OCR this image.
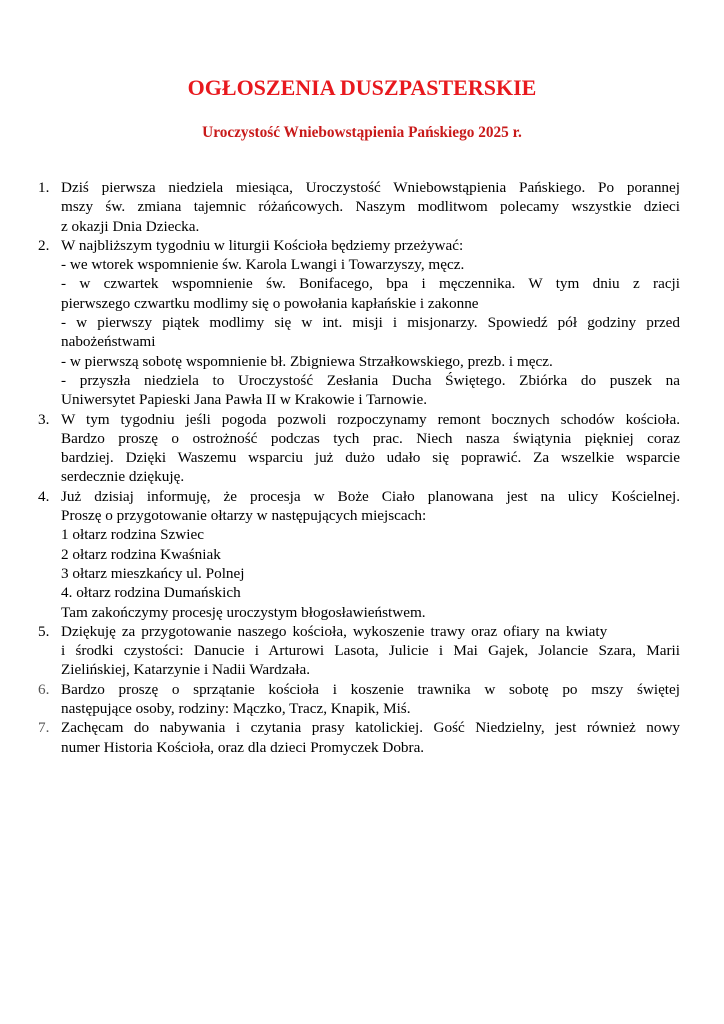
OGŁOSZENIA DUSZPASTERSKIE
Uroczystość Wniebowstąpienia Pańskiego 2025 r.
1. Dziś pierwsza niedziela miesiąca, Uroczystość Wniebowstąpienia Pańskiego. Po porannej
mszy św. zmiana tajemnic różańcowych. Naszym modlitwom polecamy wszystkie dzieci
z okazji Dnia Dziecka.
2. W najbliższym tygodniu w liturgii Kościoła będziemy przeżywać:
- we wtorek wspomnienie św. Karola Lwangi i Towarzyszy, męcz.
- w czwartek wspomnienie św. Bonifacego, bpa i męczennika. W tym dniu z racji
pierwszego czwartku modlimy się o powołania kapłańskie i zakonne
- w pierwszy piątek modlimy się w int. misji i misjonarzy. Spowiedź pół godziny przed
nabożeństwami
- w pierwszą sobotę wspomnienie bł. Zbigniewa Strzałkowskiego, prezb. i męcz.
- przyszła niedziela to Uroczystość Zesłania Ducha Świętego. Zbiórka do puszek na
Uniwersytet Papieski Jana Pawła II w Krakowie i Tarnowie.
3. W tym tygodniu jeśli pogoda pozwoli rozpoczynamy remont bocznych schodów kościoła.
Bardzo proszę o ostrożność podczas tych prac. Niech nasza świątynia piękniej coraz
bardziej. Dzięki Waszemu wsparciu już dużo udało się poprawić. Za wszelkie wsparcie
serdecznie dziękuję.
4. Już dzisiaj informuję, że procesja w Boże Ciało planowana jest na ulicy Kościelnej.
Proszę o przygotowanie ołtarzy w następujących miejscach:
1 ołtarz rodzina Szwiec
2 ołtarz rodzina Kwaśniak
3 ołtarz mieszkańcy ul. Polnej
4. ołtarz rodzina Dumańskich
Tam zakończymy procesję uroczystym błogosławieństwem.
5. Dziękuję za przygotowanie naszego kościoła, wykoszenie trawy oraz ofiary na kwiaty
i środki czystości: Danucie i Arturowi Lasota, Julicie i Mai Gajek, Jolancie Szara, Marii
Zielińskiej, Katarzynie i Nadii Wardzała.
6. Bardzo proszę o sprzątanie kościoła i koszenie trawnika w sobotę po mszy świętej
następujące osoby, rodziny: Mączko, Tracz, Knapik, Miś.
7. Zachęcam do nabywania i czytania prasy katolickiej. Gość Niedzielny, jest również nowy
numer Historia Kościoła, oraz dla dzieci Promyczek Dobra.
